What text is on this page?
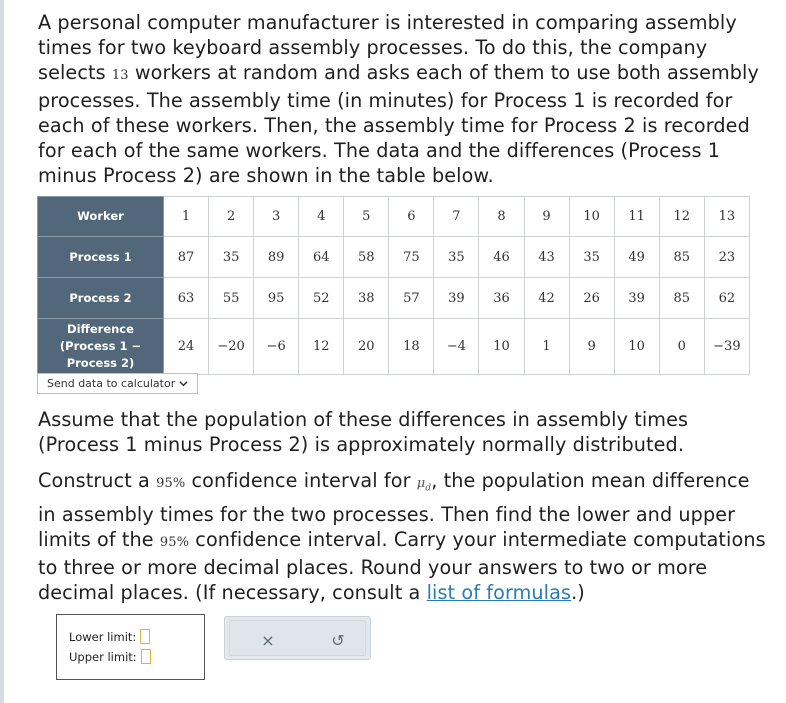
A personal computer manufacturer is interested in comparing assembly times for two keyboard assembly processes. To do this, the company selects 13 workers at random and asks each of them to use both assembly processes. The assembly time (in minutes) for Process 1 is recorded for each of these workers. Then, the assembly time for Process 2 is recorded for each of the same workers. The data and the differences (Process 1 minus Process 2) are shown in the table below.

Worker	1	2	3	4	5	6	7	8	9	10	11	12	13
Process 1	87	35	89	64	58	75	35	46	43	35	49	85	23
Process 2	63	55	95	52	38	57	39	36	42	26	39	85	62
Difference (Process 1 − Process 2)	24	−20	−6	12	20	18	−4	10	1	9	10	0	−39
Send data to calculator

Assume that the population of these differences in assembly times (Process 1 minus Process 2) is approximately normally distributed.

Construct a 95% confidence interval for $\mu_d$, the population mean difference in assembly times for the two processes. Then find the lower and upper limits of the 95% confidence interval. Carry your intermediate computations to three or more decimal places. Round your answers to two or more decimal places. (If necessary, consult a list of formulas.)

Lower limit:
Upper limit:
×	↺
